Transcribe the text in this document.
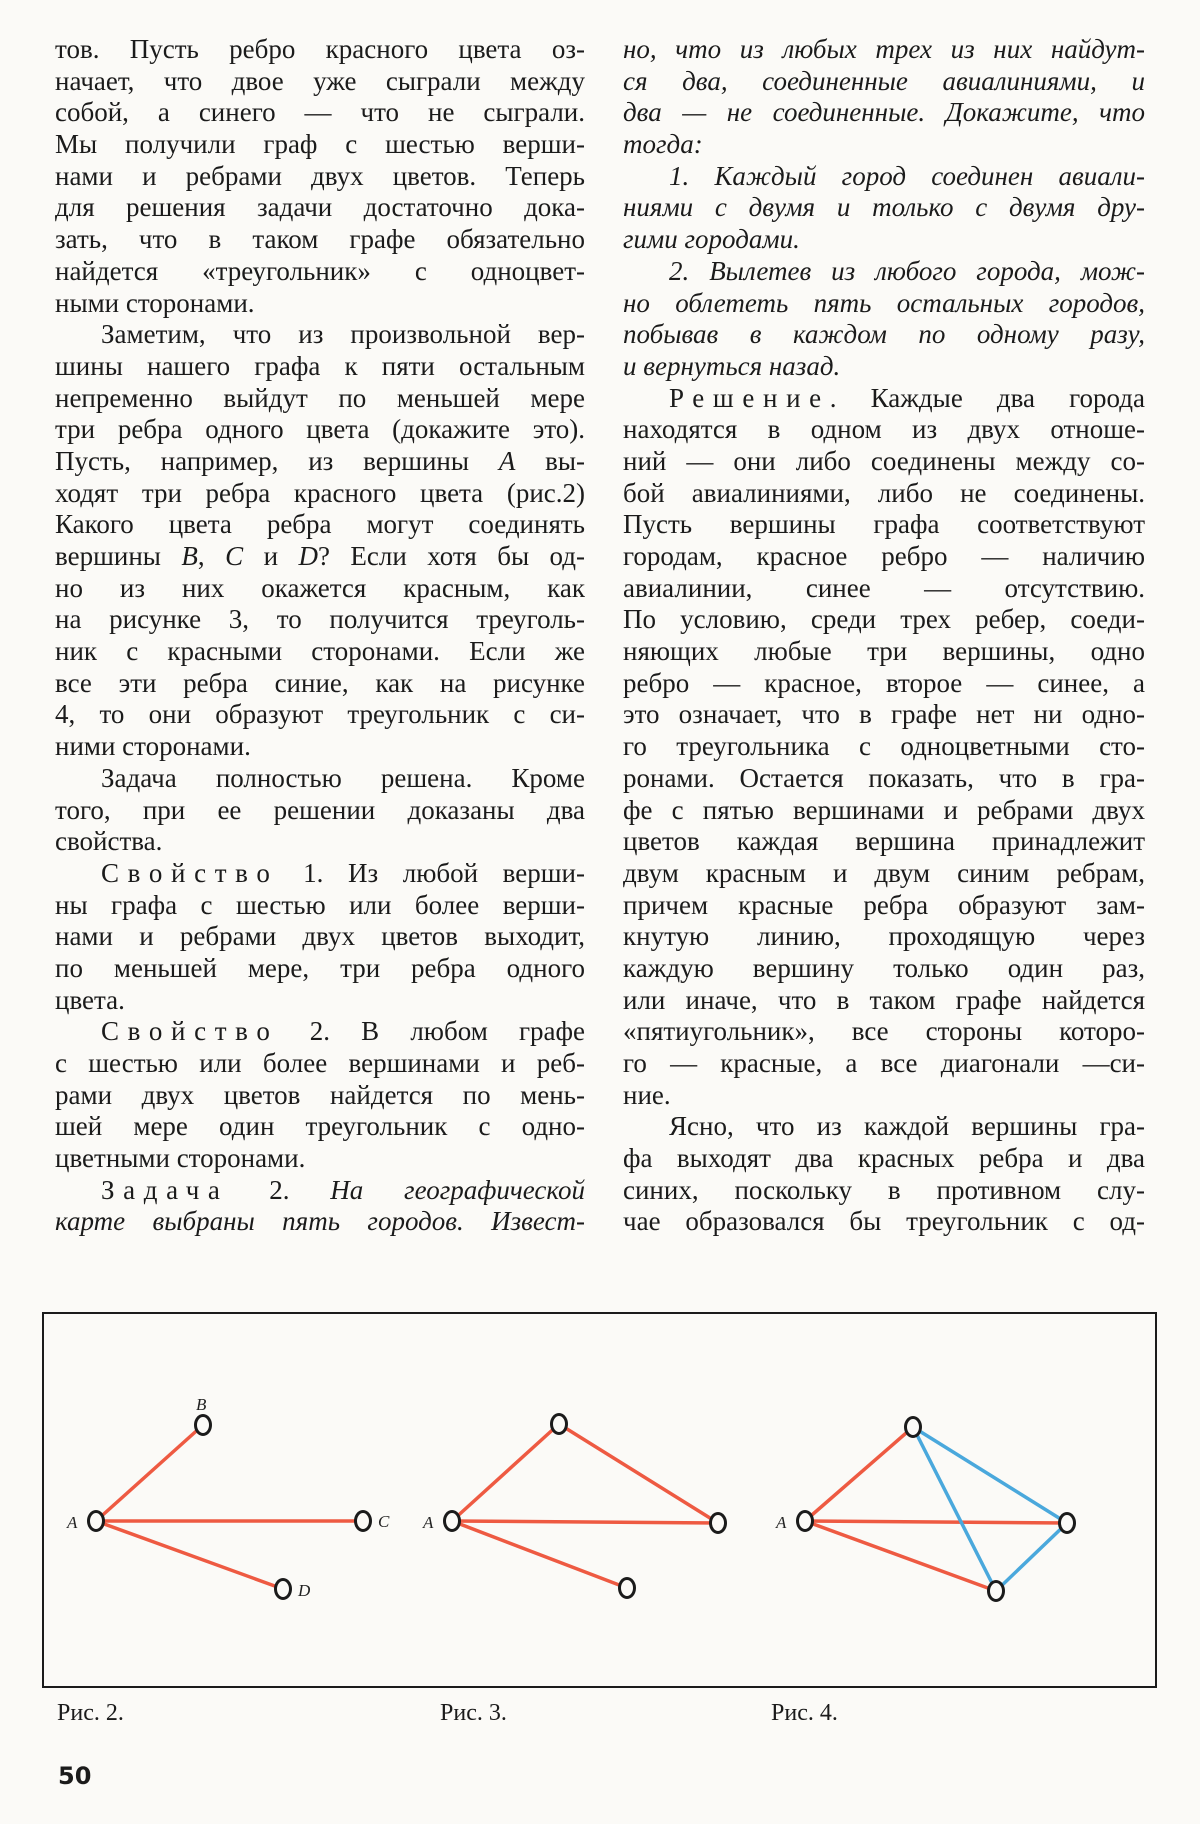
тов. Пусть ребро красного цвета оз-
начает, что двое уже сыграли между
собой, а синего — что не сыграли.
Мы получили граф с шестью верши-
нами и ребрами двух цветов. Теперь
для решения задачи достаточно дока-
зать, что в таком графе обязательно
найдется «треугольник» с одноцвет-
ными сторонами.
Заметим, что из произвольной вер-
шины нашего графа к пяти остальным
непременно выйдут по меньшей мере
три ребра одного цвета (докажите это).
Пусть, например, из вершины A вы-
ходят три ребра красного цвета (рис.2)
Какого цвета ребра могут соединять
вершины B, C и D? Если хотя бы од-
но из них окажется красным, как
на рисунке 3, то получится треуголь-
ник с красными сторонами. Если же
все эти ребра синие, как на рисунке
4, то они образуют треугольник с си-
ними сторонами.
Задача полностью решена. Кроме
того, при ее решении доказаны два
свойства.
Свойство 1. Из любой верши-
ны графа с шестью или более верши-
нами и ребрами двух цветов выходит,
по меньшей мере, три ребра одного
цвета.
Свойство 2. В любом графе
с шестью или более вершинами и реб-
рами двух цветов найдется по мень-
шей мере один треугольник с одно-
цветными сторонами.
Задача 2. На географической
карте выбраны пять городов. Извест-
но, что из любых трех из них найдут-
ся два, соединенные авиалиниями, и
два — не соединенные. Докажите, что
тогда:
1. Каждый город соединен авиали-
ниями с двумя и только с двумя дру-
гими городами.
2. Вылетев из любого города, мож-
но облететь пять остальных городов,
побывав в каждом по одному разу,
и вернуться назад.
Решение. Каждые два города
находятся в одном из двух отноше-
ний — они либо соединены между со-
бой авиалиниями, либо не соединены.
Пусть вершины графа соответствуют
городам, красное ребро — наличию
авиалинии, синее — отсутствию.
По условию, среди трех ребер, соеди-
няющих любые три вершины, одно
ребро — красное, второе — синее, а
это означает, что в графе нет ни одно-
го треугольника с одноцветными сто-
ронами. Остается показать, что в гра-
фе с пятью вершинами и ребрами двух
цветов каждая вершина принадлежит
двум красным и двум синим ребрам,
причем красные ребра образуют зам-
кнутую линию, проходящую через
каждую вершину только один раз,
или иначе, что в таком графе найдется
«пятиугольник», все стороны которо-
го — красные, а все диагонали —си-
ние.
Ясно, что из каждой вершины гра-
фа выходят два красных ребра и два
синих, поскольку в противном слу-
чае образовался бы треугольник с од-
B
A	C
D
A	A
Рис. 2.	Рис. 3.	Рис. 4.
50
